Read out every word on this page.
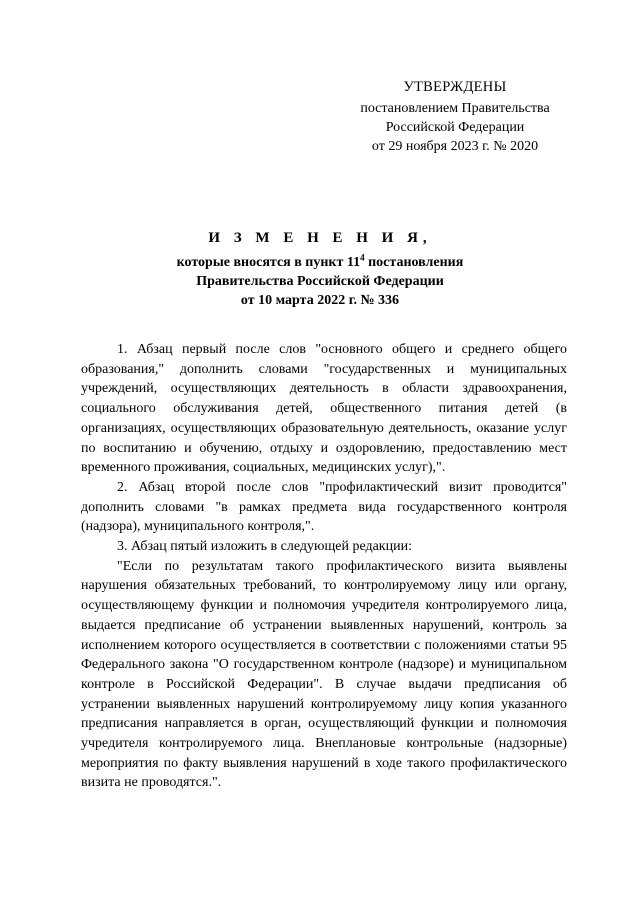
УТВЕРЖДЕНЫ
постановлением Правительства
Российской Федерации
от 29 ноября 2023 г. № 2020
И З М Е Н Е Н И Я,
которые вносятся в пункт $11^4$ постановления
Правительства Российской Федерации
от 10 марта 2022 г. № 336

1. Абзац первый после слов "основного общего и среднего общего образования," дополнить словами "государственных и муниципальных учреждений, осуществляющих деятельность в области здравоохранения, социального обслуживания детей, общественного питания детей (в организациях, осуществляющих образовательную деятельность, оказание услуг по воспитанию и обучению, отдыху и оздоровлению, предоставлению мест временного проживания, социальных, медицинских услуг),".

2. Абзац второй после слов "профилактический визит проводится" дополнить словами "в рамках предмета вида государственного контроля (надзора), муниципального контроля,".

3. Абзац пятый изложить в следующей редакции:

"Если по результатам такого профилактического визита выявлены нарушения обязательных требований, то контролируемому лицу или органу, осуществляющему функции и полномочия учредителя контролируемого лица, выдается предписание об устранении выявленных нарушений, контроль за исполнением которого осуществляется в соответствии с положениями статьи 95 Федерального закона "О государственном контроле (надзоре) и муниципальном контроле в Российской Федерации". В случае выдачи предписания об устранении выявленных нарушений контролируемому лицу копия указанного предписания направляется в орган, осуществляющий функции и полномочия учредителя контролируемого лица. Внеплановые контрольные (надзорные) мероприятия по факту выявления нарушений в ходе такого профилактического визита не проводятся.".
